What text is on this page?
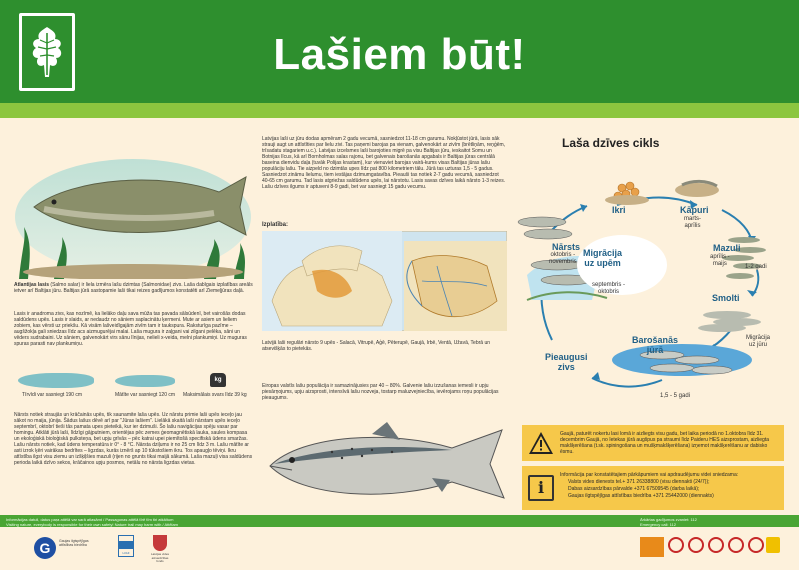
Lašiem būt!
Atlantijas lasis (Salmo salar) ir liela izmēra lašu dzimtas (Salmonidae) zivs. Laša dabīgais izplatības areāls ietver arī Baltijas jūru. Baltijas jūrā sastopamie laši tikai reizes gadījumos konstatēti arī Ziemeļjūras daļā.
Lasis ir anadroma zivs, kas nozīmē, ka lielāko daļu sava mūža tas pavada sālsūdenī, bet vairošās dodas saldūdens upēs. Lasis ir slaids, ar nedaudz no sāniem saplacinātu ķermeni. Mute ar asiem un lieliem zobiem, kas vērsti uz priekšu. Kā visām lašveidīgajām zivīm tam ir taukspura. Raksturīga pazīme – augšžokļa gali sniedzas līdz acs aizmugurējai malai. Laša mugura ir zaļgani vai zilgani pelēka, sāni un vēders sudrabaini. Uz sāniem, galvenokārt virs sānu līnijas, nelieli x-veida, melni plankumiņi. Uz muguras spuras parasti nav plankumiņu.
kg
Tīrvīdi var sasniegt 190 cm	Mātīte var sasniegt 120 cm Maksimālais svars līdz 39 kg
Nārsts notiek straujās un krāčainās upēs, tik saunamite laša upēs. Uz nārstu primie laši upēs ieceļo jau sākot no maija, jūnija. Šādus lašus dēvē arī par "Jūras lašiem". Lielākā skaitā laši nārstam upēs ieceļo septembrī, oktobrī tieši tās pamata upes pieteikā, kur ier dzimuši. Šo lašu navigācijas spēju vasar par homingu. Atklāti jūrā laši, līdzīgi gājputniem, orientējas pēc zemes ģeomagnētiskā lauka, saules kompasa un ekoloģiskā bioloģiskā pulksteņa, bet upju grīvās – pēc katrai upei piemītošā specifiskā ūdens smaržas. Lašu nārsts notiek, kad ūdens temperatūra ir 0° - 8 °C. Nārsta dziļums ir no 25 cm līdz 3 m. Lašu mātīte ar asti izrok ķēri vairākas bedrītes – ligzdas, kurās iznērš ap 10 tūkstošiem ikru. Tos apaugļo tēviņi. Ikru attīstība ilgst visu ziemu un izšķiļšies mazuli (rijen no grunts tikai maijā sākumā. Laša mazuļi visa saldūdens perioda laikā dzīvo sekos, krāčainos upju posmos, netālu no nārsta ligzdas vietas.
Latvijas laši uz jūru dodas apmēram 2 gadu vecumā, sasniedzot 11-18 cm garumu. Nokļūstot jūrā, lasis sāk strauji augt un attīstīties par lielu zivi. Tas paņemi barojas pa vienam, galvenokārt ar zivīm (brētliņām, reņģēm, trīsadatu stagariem u.c.). Latvijas izcelsmes laši barojoties migrē pa visu Baltijas jūru, ieskaitot Somu un Botnijas līcus, kā arī Bornholmas salas rajonu, bet galvenais barošanās apgabals ir Baltijas jūras centrālā baseina dienvidu daļa (tuvāk Polijas krastam), kur vienuviet barojas vairā-kums visas Baltijas jūras lašu populāciju lašu. Tie aizpeld no dzimtās upes līdz pat 800 kilometriem tālu. Jūrā tas uzturas 1,5 - 5 gadus. Sasniedzot zināmu lielumu, tiem iestājas dzimumgatavība. Pieauši tas notiek 2-7 gadu vecumā, sasniedzot 40-65 cm garumu. Tad lasis atgriežas saldūdens upēs, lai nārstotu. Lasis savas dzīves laikā nārsto 1-3 reizes. Lašu dzīves ilgums ir aptuveni 8-9 gadi, bet var sasniegt 15 gadu vecumu.
Izplatība:
Latvijā laši regulāri nārsto 9 upēs - Salacā, Vitrupē, Aģē, Pēterupē, Gaujā, Irbē, Ventā, Užavā, Tebrā un atsevišķās to pietekās.
Eiropas valstīs lašu populācija ir samazinājusies par 40 – 80%. Galvenie lašu izzušanas iemesli ir upju piesārņojums, upju aizsprosti, intensīvā lašu nozveja, tostarp maluzvejniecība, ievērojams roņu populācijas pieaugums.
Laša dzīves cikls
Ikri	Kāpuri
marts-
aprīlis
Mazuli
aprīlis -
maijs	1-2 gadi
Smolti
Migrācija
uz jūru
Barošanās
jūrā
1,5 - 5 gadi
Pieaugusi
zivs
Migrācija
uz upēm
septembris -
oktobris
Nārsts
oktobris -
novembris
Gaujā, paturēt nokertu lasi lomā ir aizliegts visu gadu, bet laika periodā no 1.oktobra līdz 31. decembrim Gaujā, no Ietekas jūrā augšpus pa straumi līdz Paideru HES aizsprostam, aizliegta makšķerēšana (t.sk. spiningošana un mušķmakšķerēšana) izņemot makšķerēšanu ar dabisko ēsmu.
i
Informācija par konstatētajiem pārkāpumiem vai apdraudējumu videi sniedzama:
Valsts vides dienests tel.+ 371 26338800 (visu diennakti (24/7));
Dabas aizsardzības pārvalde +371 67509545 (darba laikā);
Gaujas ilgtspējīgas attīstības biedrība +371 25442000 (diennakts)
Informācijas datuli, datus paŗa attēlā var sarā atlasāmt / Passagonas attēlā tīrē tīm tiri atkāltum
Visiting nature, everybody is responsible for their own safety! Nature trail may harm with / Attēlam
Ārkārtas gadījumos zvaniet: 112
Emergency call: 112
G	Gaujas ilgtspējīgas attīstības biedrība
LVAF	Latvijas vides aizsardzības fonds
